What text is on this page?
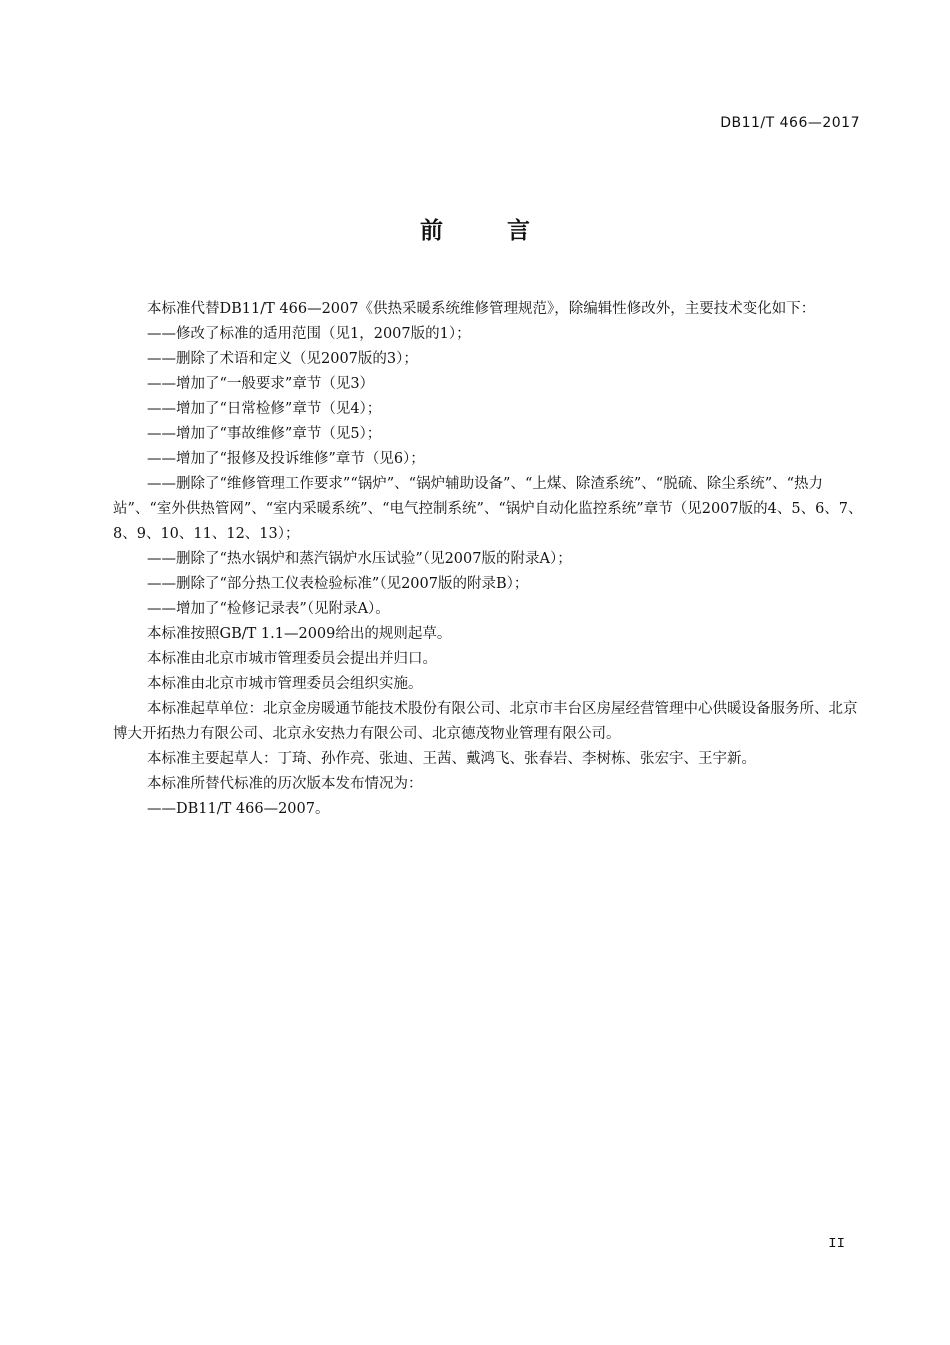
DB11/T 466—2017
前 言

本标准代替DB11/T 466—2007《供热采暖系统维修管理规范》，除编辑性修改外，主要技术变化如下：

——修改了标准的适用范围（见1，2007版的1）；

——删除了术语和定义（见2007版的3）；

——增加了“一般要求”章节（见3）

——增加了“日常检修”章节（见4）；

——增加了“事故维修”章节（见5）；

——增加了“报修及投诉维修”章节（见6）；

——删除了“维修管理工作要求”“锅炉”、“锅炉辅助设备”、“上煤、除渣系统”、“脱硫、除尘系统”、“热力站”、“室外供热管网”、“室内采暖系统”、“电气控制系统”、“锅炉自动化监控系统”章节（见2007版的4、5、6、7、8、9、10、11、12、13）；

——删除了“热水锅炉和蒸汽锅炉水压试验”（见2007版的附录A）；

——删除了“部分热工仪表检验标准”（见2007版的附录B）；

——增加了“检修记录表”（见附录A）。

本标准按照GB/T 1.1—2009给出的规则起草。

本标准由北京市城市管理委员会提出并归口。

本标准由北京市城市管理委员会组织实施。

本标准起草单位：北京金房暖通节能技术股份有限公司、北京市丰台区房屋经营管理中心供暖设备服务所、北京博大开拓热力有限公司、北京永安热力有限公司、北京德茂物业管理有限公司。

本标准主要起草人：丁琦、孙作亮、张迪、王茜、戴鸿飞、张春岩、李树栋、张宏宇、王宇新。

本标准所替代标准的历次版本发布情况为：

——DB11/T 466—2007。

II
